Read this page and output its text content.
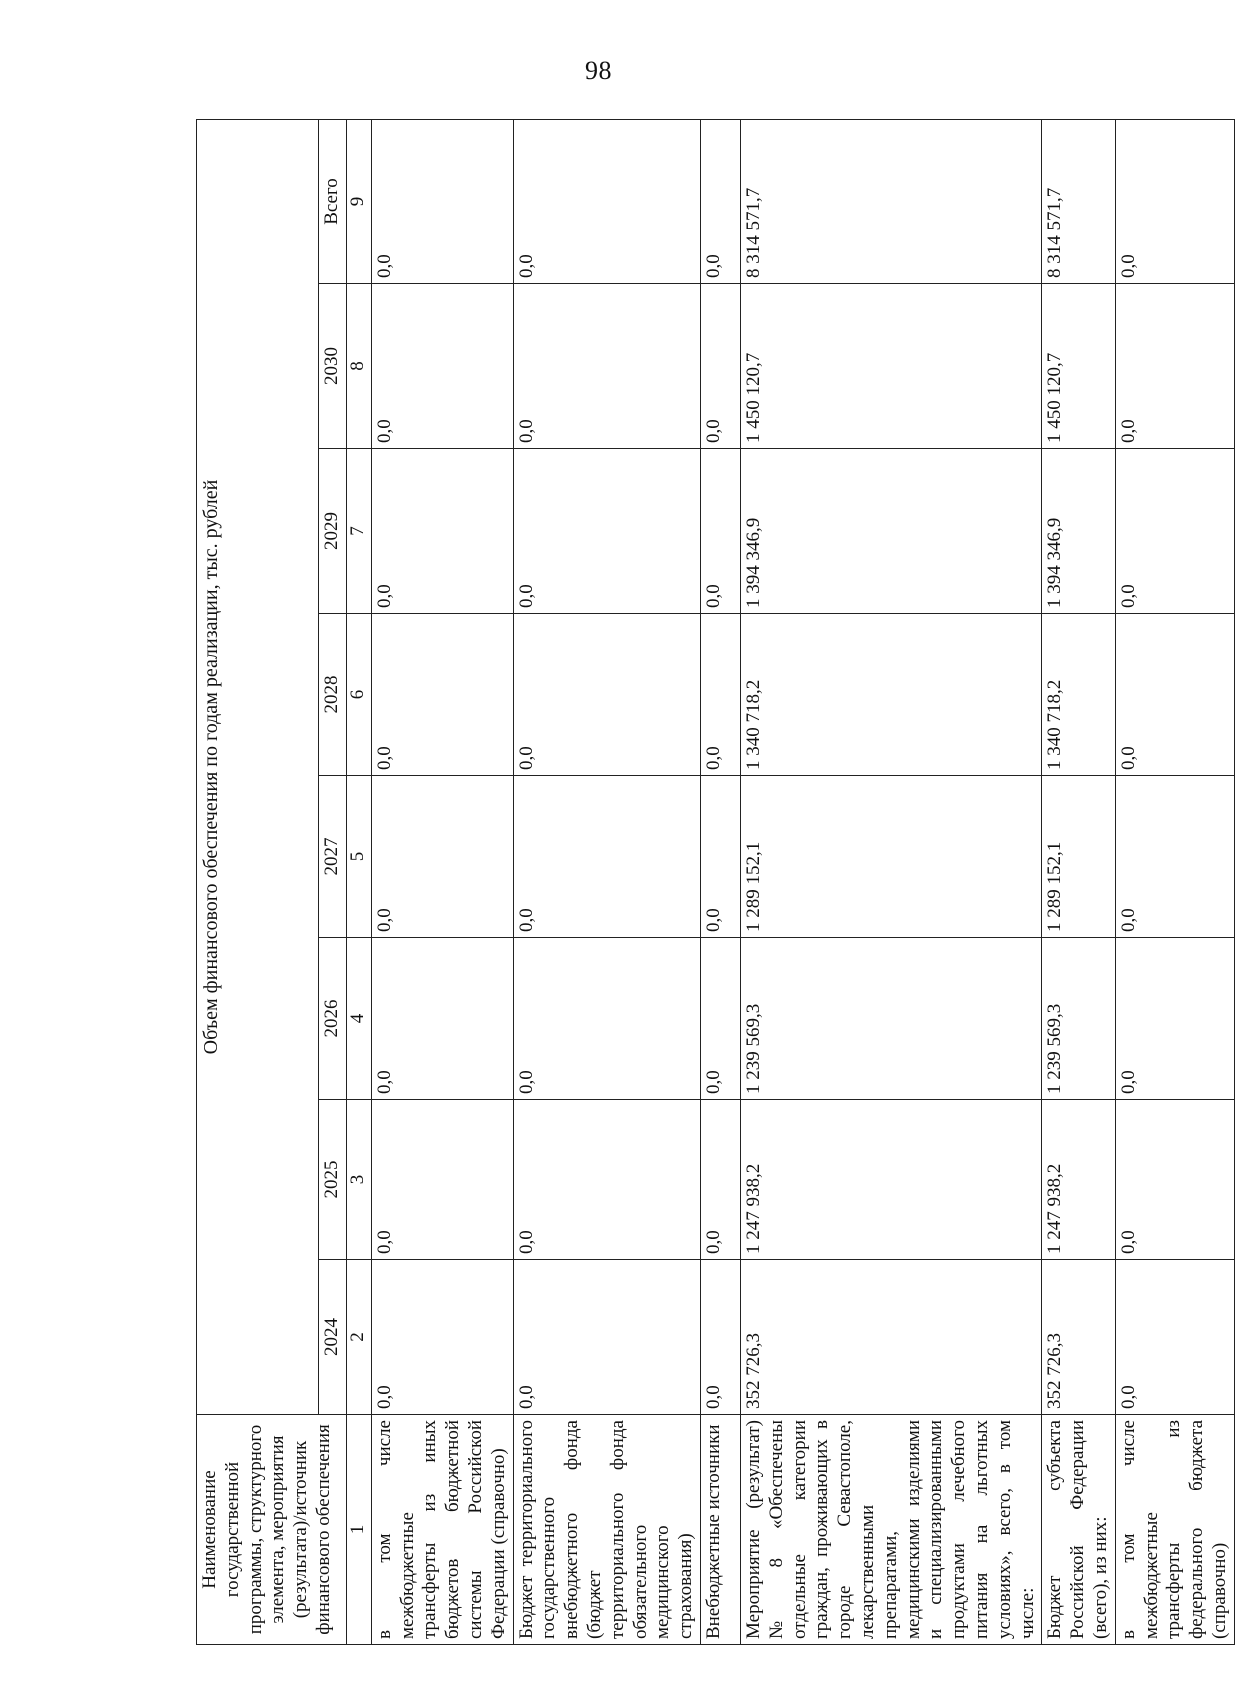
98
Наименование государственной программы, структурного элемента, мероприятия (результата)/источник финансового обеспечения	Объем финансового обеспечения по годам реализации, тыс. рублей							
	2024	2025	2026	2027	2028	2029	2030	Всего
1	2	3	4	5	6	7	8	9
в том числе межбюджетные трансферты из иных бюджетов бюджетной системы Российской Федерации (справочно)	0,0	0,0	0,0	0,0	0,0	0,0	0,0	0,0
Бюджет территориального государственного внебюджетного фонда (бюджет территориального фонда обязательного медицинского страхования)	0,0	0,0	0,0	0,0	0,0	0,0	0,0	0,0
Внебюджетные источники	0,0	0,0	0,0	0,0	0,0	0,0	0,0	0,0
Мероприятие (результат) № 8 «Обеспечены отдельные категории граждан, проживающих в городе Севастополе, лекарственными препаратами, медицинскими изделиями и специализированными продуктами лечебного питания на льготных условиях», всего, в том числе:	352 726,3	1 247 938,2	1 239 569,3	1 289 152,1	1 340 718,2	1 394 346,9	1 450 120,7	8 314 571,7
Бюджет субъекта Российской Федерации (всего), из них:	352 726,3	1 247 938,2	1 239 569,3	1 289 152,1	1 340 718,2	1 394 346,9	1 450 120,7	8 314 571,7
в том числе межбюджетные трансферты из федерального бюджета (справочно)	0,0	0,0	0,0	0,0	0,0	0,0	0,0	0,0
